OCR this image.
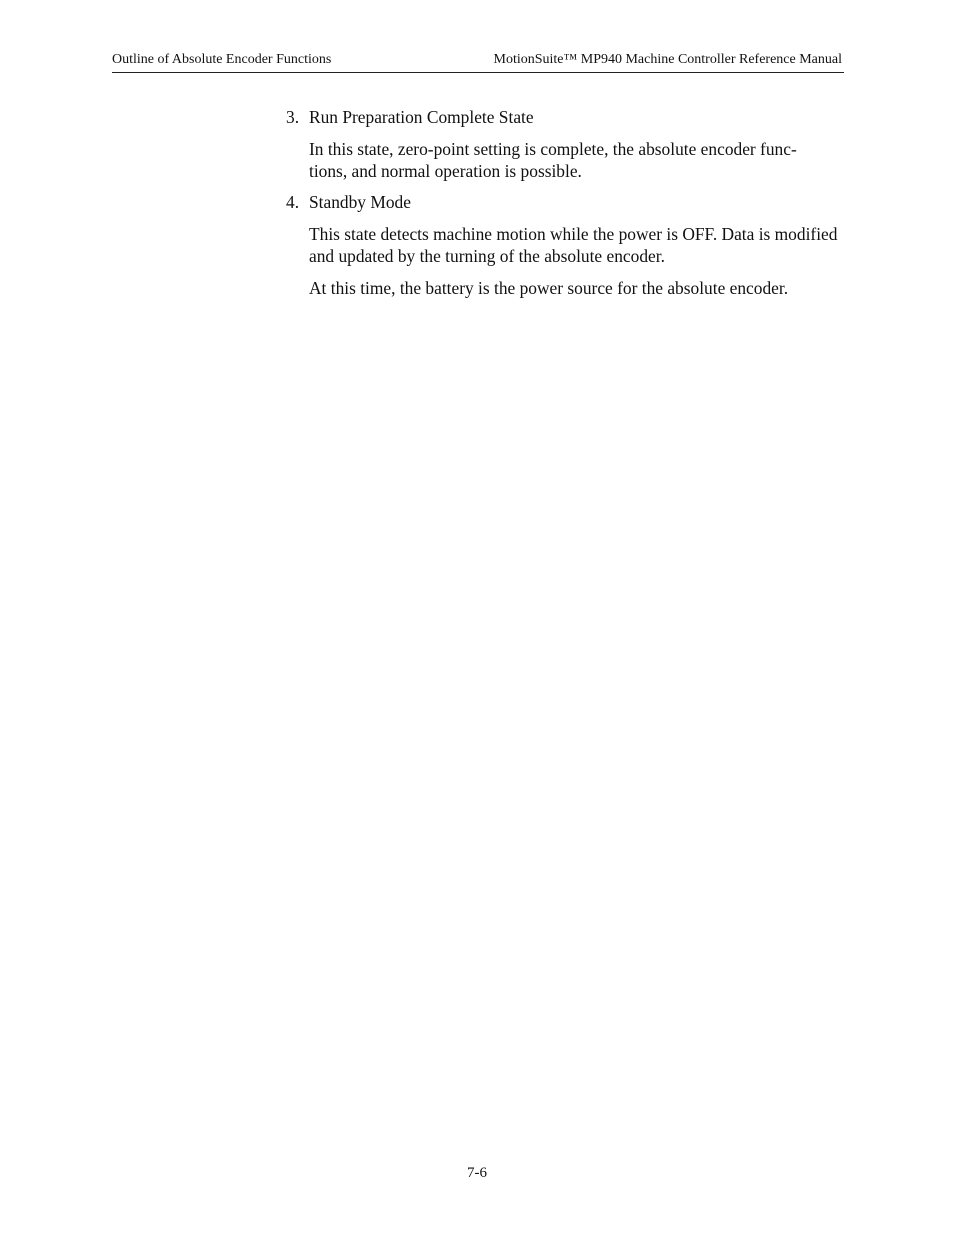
Outline of Absolute Encoder Functions	MotionSuite™ MP940 Machine Controller Reference Manual
3. Run Preparation Complete State

In this state, zero-point setting is complete, the absolute encoder func-
tions, and normal operation is possible.

4. Standby Mode

This state detects machine motion while the power is OFF. Data is modified and updated by the turning of the absolute encoder.

At this time, the battery is the power source for the absolute encoder.

7-6
